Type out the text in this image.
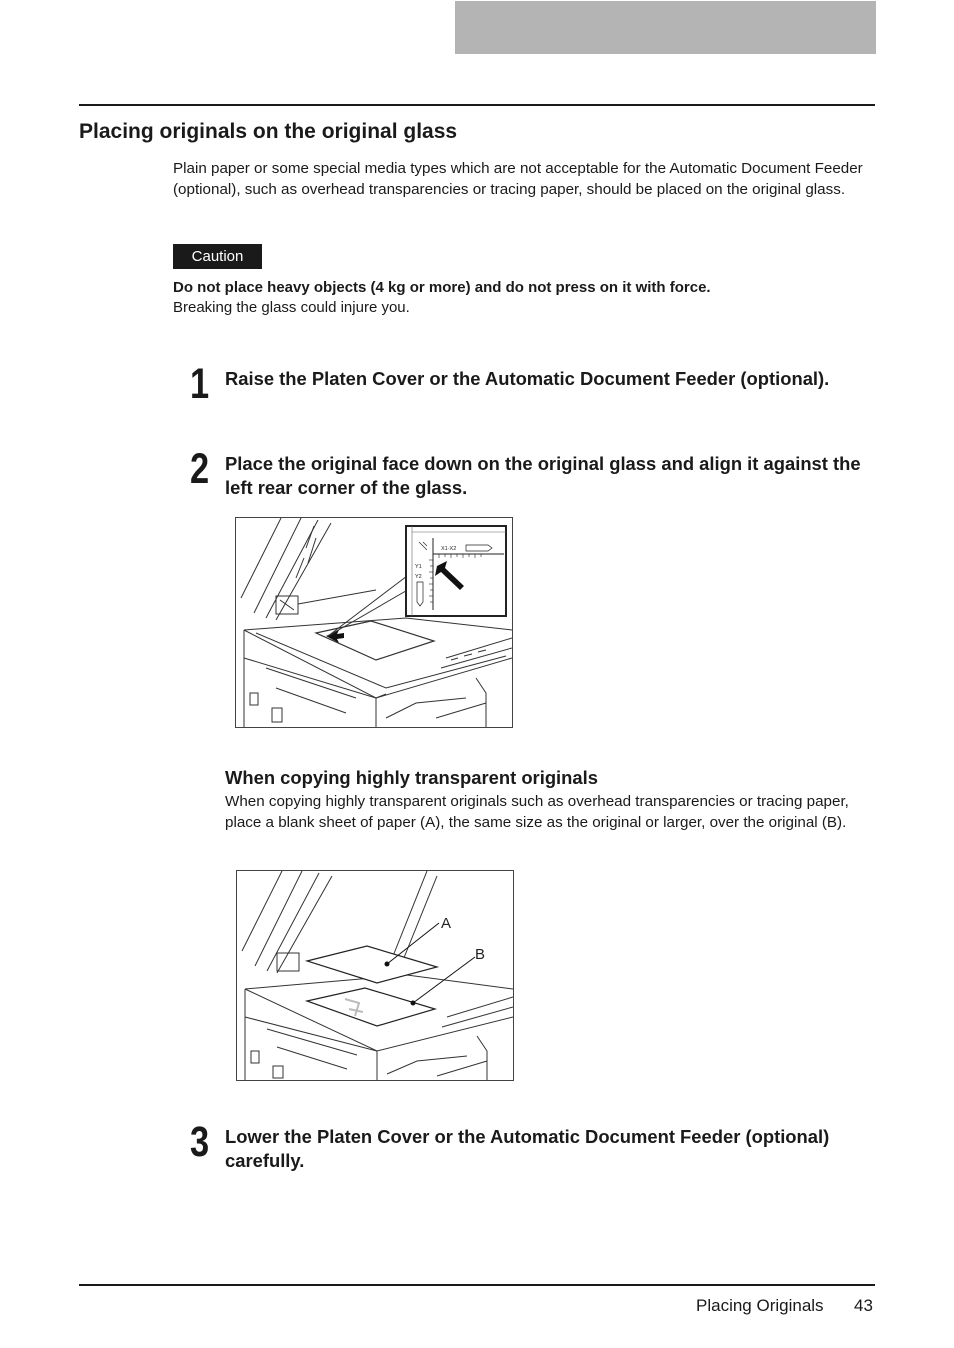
Placing originals on the original glass

Plain paper or some special media types which are not acceptable for the Automatic Document Feeder (optional), such as overhead transparencies or tracing paper, should be placed on the original glass.

Caution

Do not place heavy objects (4 kg or more) and do not press on it with force.

Breaking the glass could injure you.

1 Raise the Platen Cover or the Automatic Document Feeder (optional).

2 Place the original face down on the original glass and align it against the left rear corner of the glass.

X1·X2
Y1
Y2
When copying highly transparent originals

When copying highly transparent originals such as overhead transparencies or tracing paper, place a blank sheet of paper (A), the same size as the original or larger, over the original (B).

A
B

3 Lower the Platen Cover or the Automatic Document Feeder (optional) carefully.

Placing Originals 43
